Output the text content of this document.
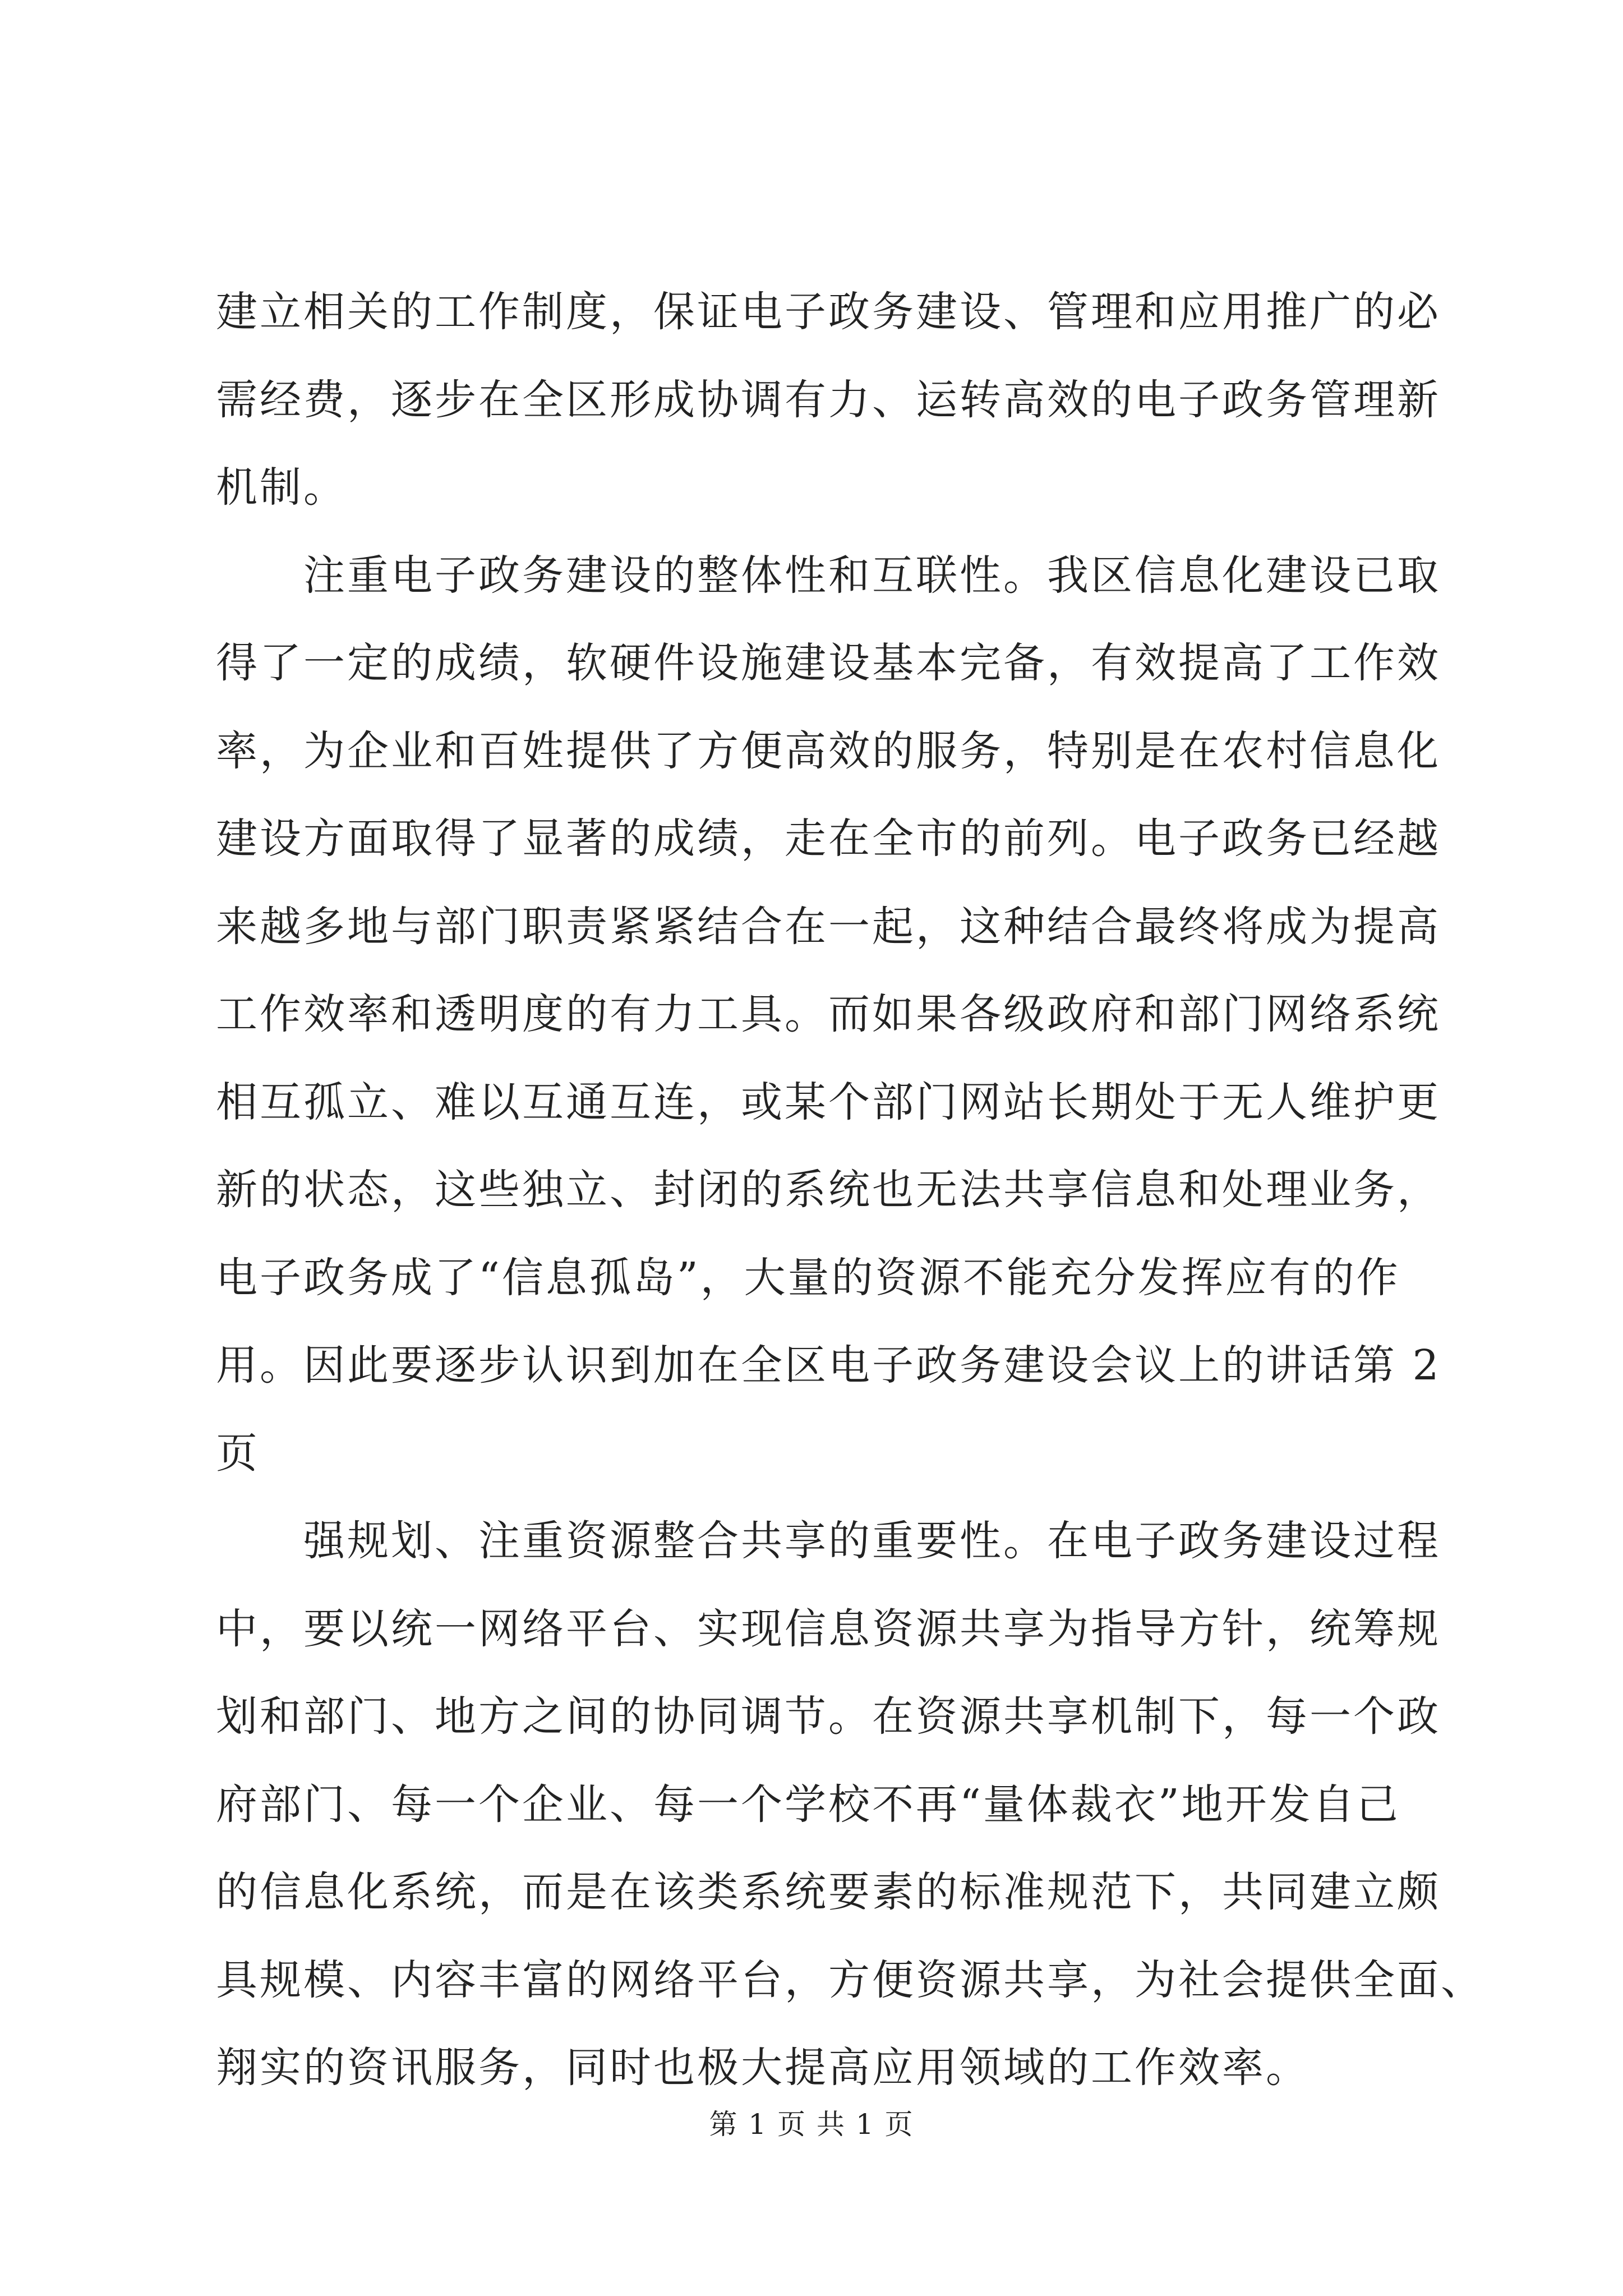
建立相关的工作制度，保证电子政务建设、管理和应用推广的必
需经费，逐步在全区形成协调有力、运转高效的电子政务管理新
机制。
　　注重电子政务建设的整体性和互联性。我区信息化建设已取
得了一定的成绩，软硬件设施建设基本完备，有效提高了工作效
率，为企业和百姓提供了方便高效的服务，特别是在农村信息化
建设方面取得了显著的成绩，走在全市的前列。电子政务已经越
来越多地与部门职责紧紧结合在一起，这种结合最终将成为提高
工作效率和透明度的有力工具。而如果各级政府和部门网络系统
相互孤立、难以互通互连，或某个部门网站长期处于无人维护更
新的状态，这些独立、封闭的系统也无法共享信息和处理业务，
电子政务成了“信息孤岛”，大量的资源不能充分发挥应有的作
用。因此要逐步认识到加在全区电子政务建设会议上的讲话第 2
页
　　强规划、注重资源整合共享的重要性。在电子政务建设过程
中，要以统一网络平台、实现信息资源共享为指导方针，统筹规
划和部门、地方之间的协同调节。在资源共享机制下，每一个政
府部门、每一个企业、每一个学校不再“量体裁衣”地开发自己
的信息化系统，而是在该类系统要素的标准规范下，共同建立颇
具规模、内容丰富的网络平台，方便资源共享，为社会提供全面、
翔实的资讯服务，同时也极大提高应用领域的工作效率。
第 1 页 共 1 页
